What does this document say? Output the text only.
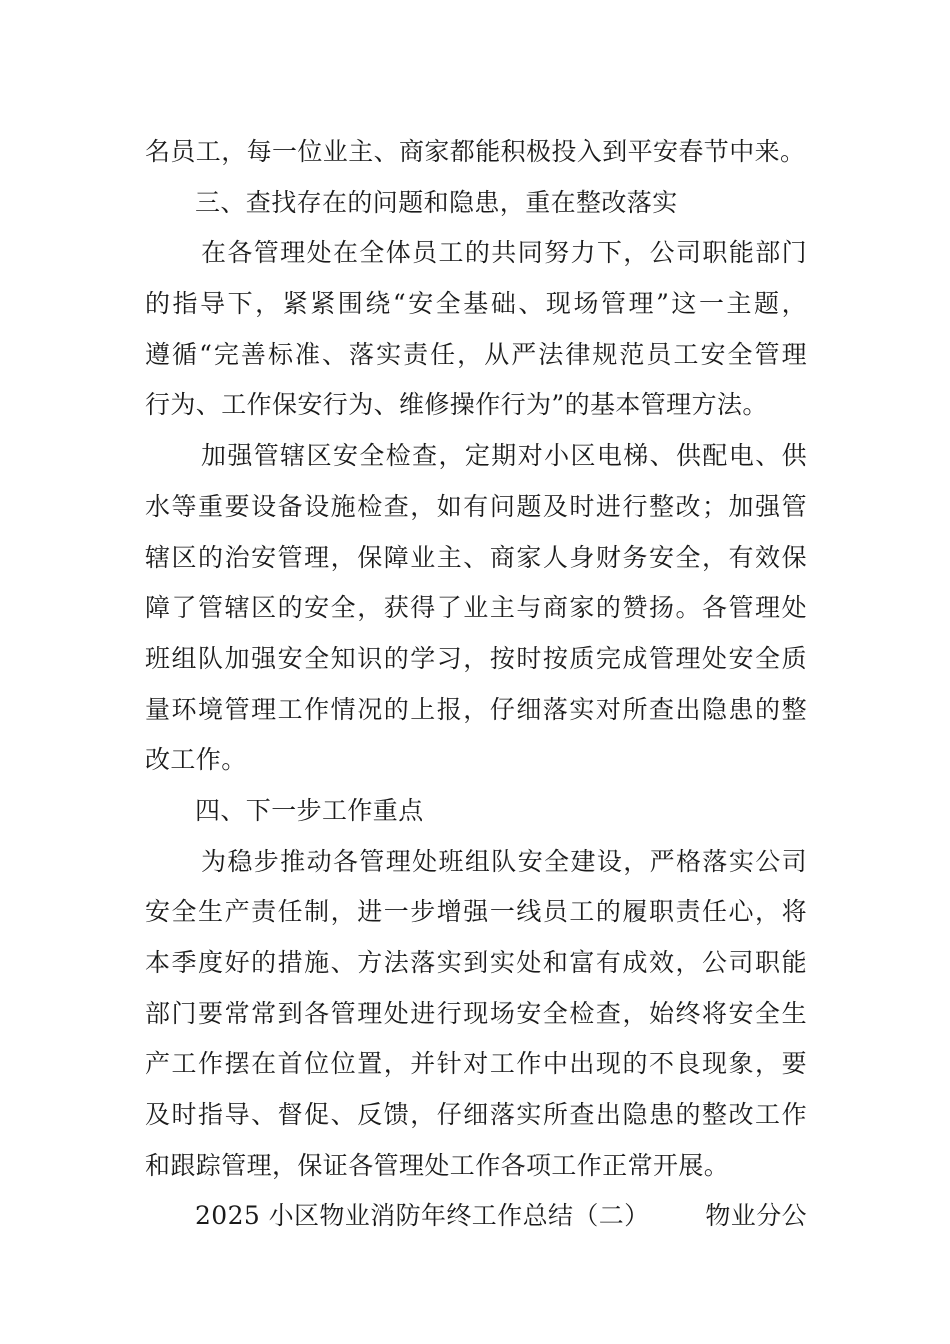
名员工，每一位业主、商家都能积极投入到平安春节中来。
三、查找存在的问题和隐患，重在整改落实
在各管理处在全体员工的共同努力下，公司职能部门
的指导下，紧紧围绕“安全基础、现场管理”这一主题，
遵循“完善标准、落实责任，从严法律规范员工安全管理
行为、工作保安行为、维修操作行为”的基本管理方法。
加强管辖区安全检查，定期对小区电梯、供配电、供
水等重要设备设施检查，如有问题及时进行整改；加强管
辖区的治安管理，保障业主、商家人身财务安全，有效保
障了管辖区的安全，获得了业主与商家的赞扬。各管理处
班组队加强安全知识的学习，按时按质完成管理处安全质
量环境管理工作情况的上报，仔细落实对所查出隐患的整
改工作。
四、下一步工作重点
为稳步推动各管理处班组队安全建设，严格落实公司
安全生产责任制，进一步增强一线员工的履职责任心，将
本季度好的措施、方法落实到实处和富有成效，公司职能
部门要常常到各管理处进行现场安全检查，始终将安全生
产工作摆在首位位置，并针对工作中出现的不良现象，要
及时指导、督促、反馈，仔细落实所查出隐患的整改工作
和跟踪管理，保证各管理处工作各项工作正常开展。
2025 小区物业消防年终工作总结（二） 物业分公
